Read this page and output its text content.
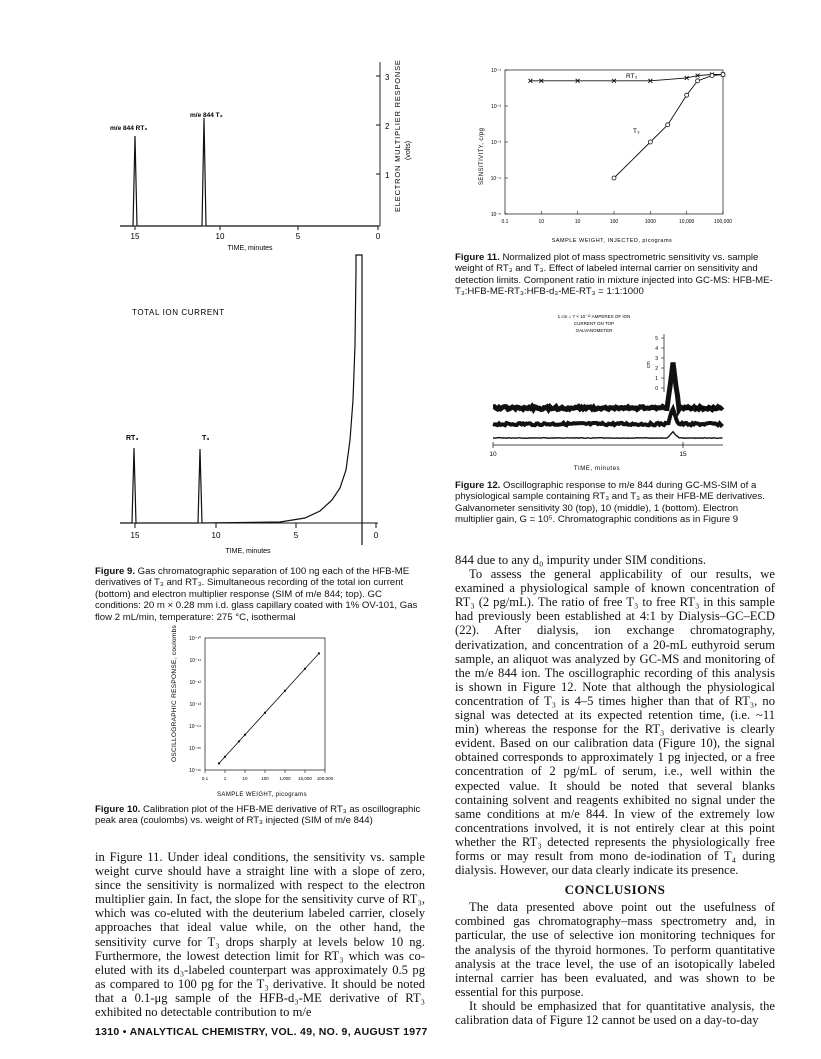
15	10	5	0
TIME, minutes
m/e 844 RT₃
m/e 844 T₃
3
2
1 ELECTRON MULTIPLIER RESPONSE (volts)
TOTAL ION CURRENT
15	10	5	0
TIME, minutes
RT₃	T₃
Figure 9. Gas chromatographic separation of 100 ng each of the HFB-ME derivatives of T₃ and RT₃. Simultaneous recording of the total ion current (bottom) and electron multiplier response (SIM of m/e 844; top). GC conditions: 20 m × 0.28 mm i.d. glass capillary coated with 1% OV-101, Gas flow 2 mL/min, temperature: 275 °C, isothermal
10⁻¹⁰
10⁻¹¹
10⁻¹²
10⁻¹³
10⁻¹⁴
10⁻¹⁵
10⁻¹⁶
0.1	1	10	100 1,000 10,000 100,000
OSCILLOGRAPHIC RESPONSE, coulombs
SAMPLE WEIGHT, picograms
Figure 10. Calibration plot of the HFB-ME derivative of RT₃ as oscillographic peak area (coulombs) vs. weight of RT₃ injected (SIM of m/e 844)

in Figure 11. Under ideal conditions, the sensitivity vs. sample weight curve should have a straight line with a slope of zero, since the sensitivity is normalized with respect to the electron multiplier gain. In fact, the slope for the sensitivity curve of RT₃, which was co-eluted with the deuterium labeled carrier, closely approaches that ideal value while, on the other hand, the sensitivity curve for T₃ drops sharply at levels below 10 ng. Furthermore, the lowest detection limit for RT₃ which was co-eluted with its d₃-labeled counterpart was approximately 0.5 pg as compared to 100 pg for the T₃ derivative. It should be noted that a 0.1-μg sample of the HFB-d₃-ME derivative of RT₃ exhibited no detectable contribution to m/e

10⁻¹
10⁻²
10⁻³
10⁻⁴
10⁻⁵
0.1	10	10	100	1000	10,000	100,000
RT₃
T₃
SENSITIVITY, c/pg
SAMPLE WEIGHT, INJECTED, picograms
Figure 11. Normalized plot of mass spectrometric sensitivity vs. sample weight of RT₃ and T₃. Effect of labeled internal carrier on sensitivity and detection limits. Component ratio in mixture injected into GC-MS: HFB-ME-T₃:HFB-ME-RT₃:HFB-d₃-ME-RT₃ = 1:1:1000
1 cm = 7 × 10⁻¹² AMPERES OF ION
CURRENT ON TOP
GALVANOMETER
5
4
3
2
1
0
cm
m/e 844 RT₃
10	15
TIME, minutes
Figure 12. Oscillographic response to m/e 844 during GC-MS-SIM of a physiological sample containing RT₃ and T₃ as their HFB-ME derivatives. Galvanometer sensitivity 30 (top), 10 (middle), 1 (bottom). Electron multiplier gain, G = 10⁵. Chromatographic conditions as in Figure 9

844 due to any d₀ impurity under SIM conditions.

To assess the general applicability of our results, we examined a physiological sample of known concentration of RT₃ (2 pg/mL). The ratio of free T₃ to free RT₃ in this sample had previously been established at 4:1 by Dialysis–GC–ECD (22). After dialysis, ion exchange chromatography, derivatization, and concentration of a 20-mL euthyroid serum sample, an aliquot was analyzed by GC-MS and monitoring of the m/e 844 ion. The oscillographic recording of this analysis is shown in Figure 12. Note that although the physiological concentration of T₃ is 4–5 times higher than that of RT₃, no signal was detected at its expected retention time, (i.e. ~11 min) whereas the response for the RT₃ derivative is clearly evident. Based on our calibration data (Figure 10), the signal obtained corresponds to approximately 1 pg injected, or a free concentration of 2 pg/mL of serum, i.e., well within the expected value. It should be noted that several blanks containing solvent and reagents exhibited no signal under the same conditions at m/e 844. In view of the extremely low concentrations involved, it is not entirely clear at this point whether the RT₃ detected represents the physiologically free forms or may result from mono de-iodination of T₄ during dialysis. However, our data clearly indicate its presence.

CONCLUSIONS

The data presented above point out the usefulness of combined gas chromatography–mass spectrometry and, in particular, the use of selective ion monitoring techniques for the analysis of the thyroid hormones. To perform quantitative analysis at the trace level, the use of an isotopically labeled internal carrier has been evaluated, and was shown to be essential for this purpose.

It should be emphasized that for quantitative analysis, the calibration data of Figure 12 cannot be used on a day-to-day

1310 • ANALYTICAL CHEMISTRY, VOL. 49, NO. 9, AUGUST 1977
